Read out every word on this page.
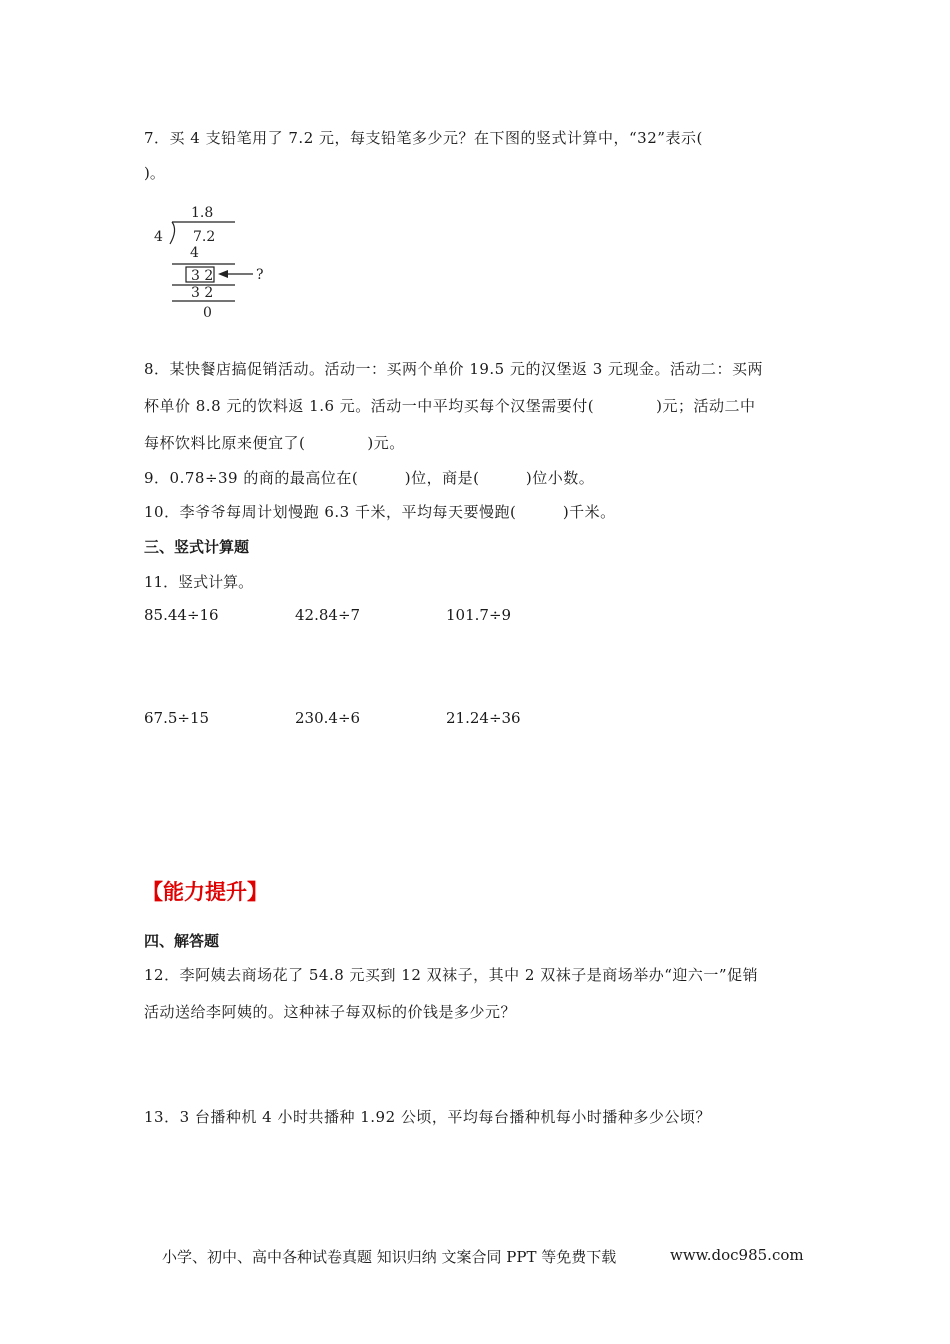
7．买 4 支铅笔用了 7.2 元，每支铅笔多少元？在下图的竖式计算中，“32”表示(
)。
1.8
4 7.2
4
3 2	?
3 2
0
8．某快餐店搞促销活动。活动一：买两个单价 19.5 元的汉堡返 3 元现金。活动二：买两
杯单价 8.8 元的饮料返 1.6 元。活动一中平均买每个汉堡需要付(　　　　)元；活动二中
每杯饮料比原来便宜了(　　　　)元。
9．0.78÷39 的商的最高位在(　　　)位，商是(　　　)位小数。
10．李爷爷每周计划慢跑 6.3 千米，平均每天要慢跑(　　　)千米。
三、竖式计算题
11．竖式计算。
85.44÷16	42.84÷7	101.7÷9
67.5÷15	230.4÷6	21.24÷36
【能力提升】
四、解答题
12．李阿姨去商场花了 54.8 元买到 12 双袜子，其中 2 双袜子是商场举办“迎六一”促销
活动送给李阿姨的。这种袜子每双标的价钱是多少元？
13．3 台播种机 4 小时共播种 1.92 公顷，平均每台播种机每小时播种多少公顷？
小学、初中、高中各种试卷真题 知识归纳 文案合同 PPT 等免费下载	www.doc985.com
